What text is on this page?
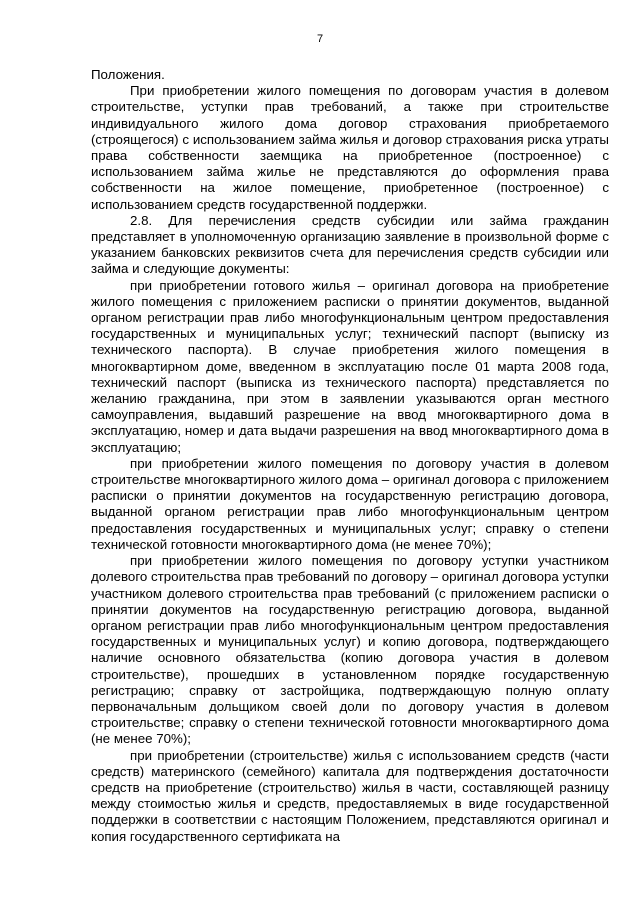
7

Положения.

При приобретении жилого помещения по договорам участия в долевом строительстве, уступки прав требований, а также при строительстве индивидуального жилого дома договор страхования приобретаемого (строящегося) с использованием займа жилья и договор страхования риска утраты права собственности заемщика на приобретенное (построенное) с использованием займа жилье не представляются до оформления права собственности на жилое помещение, приобретенное (построенное) с использованием средств государственной поддержки.

2.8. Для перечисления средств субсидии или займа гражданин представляет в уполномоченную организацию заявление в произвольной форме с указанием банковских реквизитов счета для перечисления средств субсидии или займа и следующие документы:

при приобретении готового жилья – оригинал договора на приобретение жилого помещения с приложением расписки о принятии документов, выданной органом регистрации прав либо многофункциональным центром предоставления государственных и муниципальных услуг; технический паспорт (выписку из технического паспорта). В случае приобретения жилого помещения в многоквартирном доме, введенном в эксплуатацию после 01 марта 2008 года, технический паспорт (выписка из технического паспорта) представляется по желанию гражданина, при этом в заявлении указываются орган местного самоуправления, выдавший разрешение на ввод многоквартирного дома в эксплуатацию, номер и дата выдачи разрешения на ввод многоквартирного дома в эксплуатацию;

при приобретении жилого помещения по договору участия в долевом строительстве многоквартирного жилого дома – оригинал договора с приложением расписки о принятии документов на государственную регистрацию договора, выданной органом регистрации прав либо многофункциональным центром предоставления государственных и муниципальных услуг; справку о степени технической готовности многоквартирного дома (не менее 70%);

при приобретении жилого помещения по договору уступки участником долевого строительства прав требований по договору – оригинал договора уступки участником долевого строительства прав требований (с приложением расписки о принятии документов на государственную регистрацию договора, выданной органом регистрации прав либо многофункциональным центром предоставления государственных и муниципальных услуг) и копию договора, подтверждающего наличие основного обязательства (копию договора участия в долевом строительстве), прошедших в установленном порядке государственную регистрацию; справку от застройщика, подтверждающую полную оплату первоначальным дольщиком своей доли по договору участия в долевом строительстве; справку о степени технической готовности многоквартирного дома (не менее 70%);

при приобретении (строительстве) жилья с использованием средств (части средств) материнского (семейного) капитала для подтверждения достаточности средств на приобретение (строительство) жилья в части, составляющей разницу между стоимостью жилья и средств, предоставляемых в виде государственной поддержки в соответствии с настоящим Положением, представляются оригинал и копия государственного сертификата на
